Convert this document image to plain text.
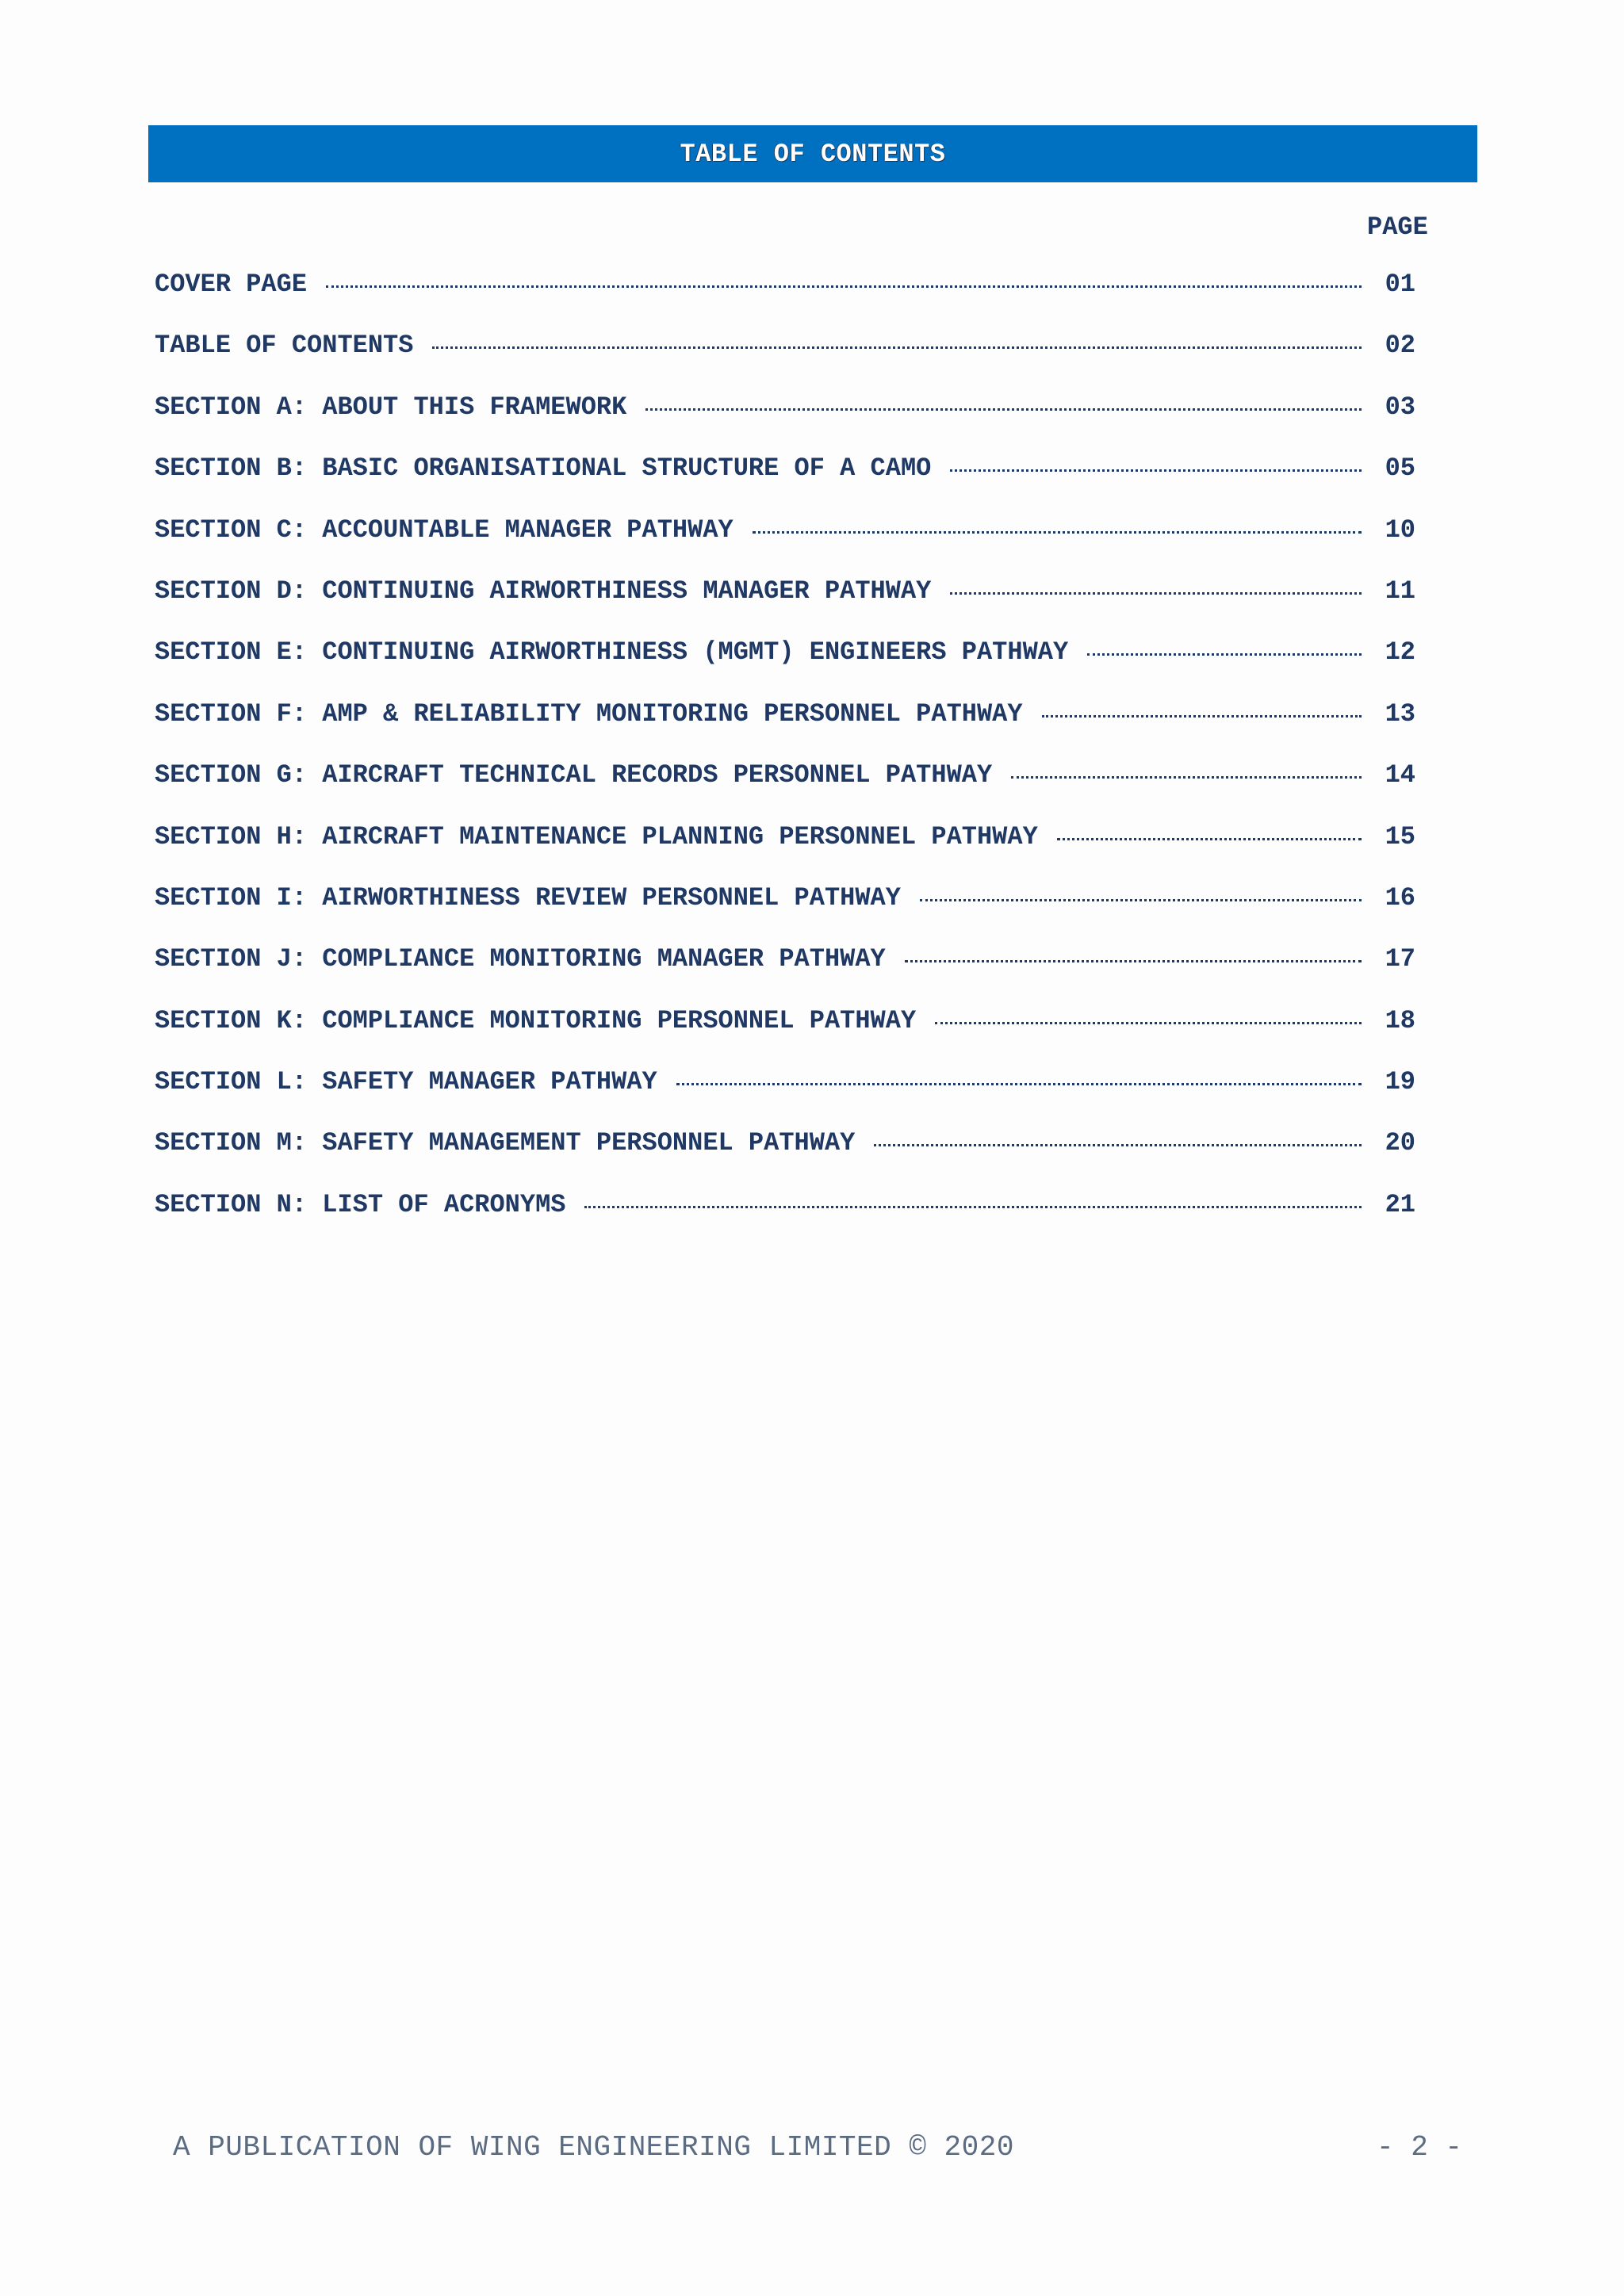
TABLE OF CONTENTS
PAGE
COVER PAGE	01
TABLE OF CONTENTS	02
SECTION A: ABOUT THIS FRAMEWORK	03
SECTION B: BASIC ORGANISATIONAL STRUCTURE OF A CAMO	05
SECTION C: ACCOUNTABLE MANAGER PATHWAY	10
SECTION D: CONTINUING AIRWORTHINESS MANAGER PATHWAY	11
SECTION E: CONTINUING AIRWORTHINESS (MGMT) ENGINEERS PATHWAY	12
SECTION F: AMP & RELIABILITY MONITORING PERSONNEL PATHWAY	13
SECTION G: AIRCRAFT TECHNICAL RECORDS PERSONNEL PATHWAY	14
SECTION H: AIRCRAFT MAINTENANCE PLANNING PERSONNEL PATHWAY	15
SECTION I: AIRWORTHINESS REVIEW PERSONNEL PATHWAY	16
SECTION J: COMPLIANCE MONITORING MANAGER PATHWAY	17
SECTION K: COMPLIANCE MONITORING PERSONNEL PATHWAY	18
SECTION L: SAFETY MANAGER PATHWAY	19
SECTION M: SAFETY MANAGEMENT PERSONNEL PATHWAY	20
SECTION N: LIST OF ACRONYMS	21
A PUBLICATION OF WING ENGINEERING LIMITED © 2020	- 2 -
